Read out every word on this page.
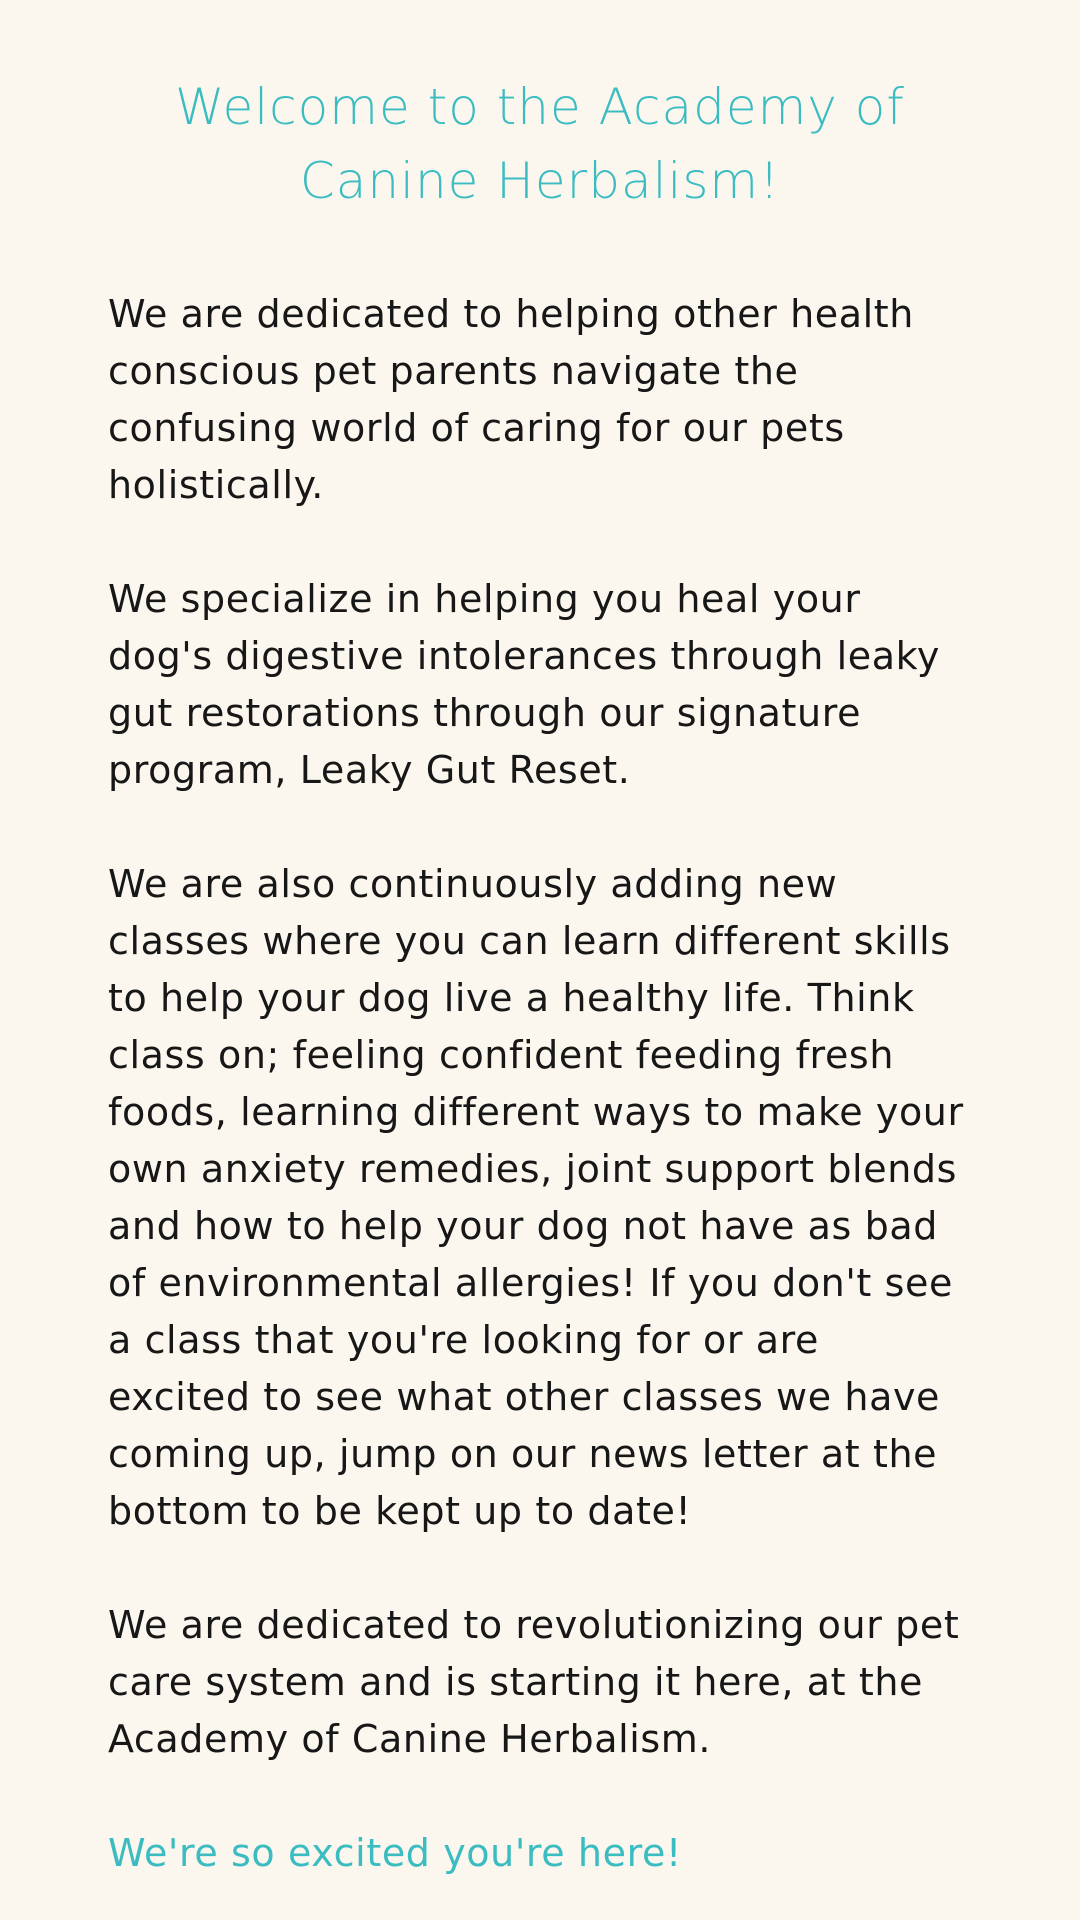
Welcome to the Academy of Canine Herbalism!

We are dedicated to helping other health conscious pet parents navigate the confusing world of caring for our pets holistically.

We specialize in helping you heal your dog's digestive intolerances through leaky gut restorations through our signature program, Leaky Gut Reset.

We are also continuously adding new classes where you can learn different skills to help your dog live a healthy life. Think class on; feeling confident feeding fresh foods, learning different ways to make your own anxiety remedies, joint support blends and how to help your dog not have as bad of environmental allergies! If you don't see a class that you're looking for or are excited to see what other classes we have coming up, jump on our news letter at the bottom to be kept up to date!

We are dedicated to revolutionizing our pet care system and is starting it here, at the Academy of Canine Herbalism.

We're so excited you're here!
